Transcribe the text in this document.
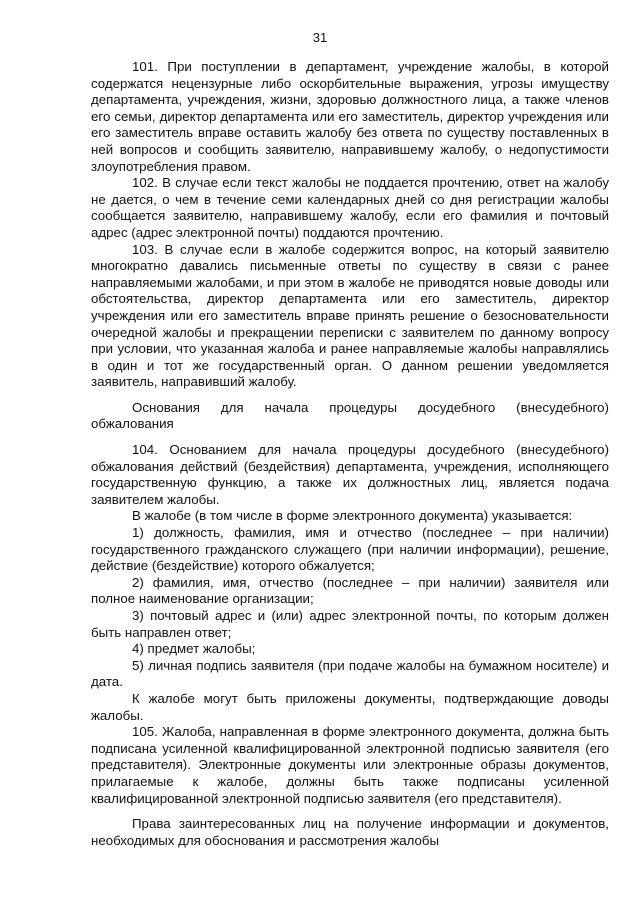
31

101. При поступлении в департамент, учреждение жалобы, в которой содержатся нецензурные либо оскорбительные выражения, угрозы имуществу департамента, учреждения, жизни, здоровью должностного лица, а также членов его семьи, директор департамента или его заместитель, директор учреждения или его заместитель вправе оставить жалобу без ответа по существу поставленных в ней вопросов и сообщить заявителю, направившему жалобу, о недопустимости злоупотребления правом.

102. В случае если текст жалобы не поддается прочтению, ответ на жалобу не дается, о чем в течение семи календарных дней со дня регистрации жалобы сообщается заявителю, направившему жалобу, если его фамилия и почтовый адрес (адрес электронной почты) поддаются прочтению.

103. В случае если в жалобе содержится вопрос, на который заявителю многократно давались письменные ответы по существу в связи с ранее направляемыми жалобами, и при этом в жалобе не приводятся новые доводы или обстоятельства, директор департамента или его заместитель, директор учреждения или его заместитель вправе принять решение о безосновательности очередной жалобы и прекращении переписки с заявителем по данному вопросу при условии, что указанная жалоба и ранее направляемые жалобы направлялись в один и тот же государственный орган. О данном решении уведомляется заявитель, направивший жалобу.

Основания для начала процедуры досудебного (внесудебного) обжалования

104. Основанием для начала процедуры досудебного (внесудебного) обжалования действий (бездействия) департамента, учреждения, исполняющего государственную функцию, а также их должностных лиц, является подача заявителем жалобы.

В жалобе (в том числе в форме электронного документа) указывается:

1) должность, фамилия, имя и отчество (последнее – при наличии) государственного гражданского служащего (при наличии информации), решение, действие (бездействие) которого обжалуется;

2) фамилия, имя, отчество (последнее – при наличии) заявителя или полное наименование организации;

3) почтовый адрес и (или) адрес электронной почты, по которым должен быть направлен ответ;

4) предмет жалобы;

5) личная подпись заявителя (при подаче жалобы на бумажном носителе) и дата.

К жалобе могут быть приложены документы, подтверждающие доводы жалобы.

105. Жалоба, направленная в форме электронного документа, должна быть подписана усиленной квалифицированной электронной подписью заявителя (его представителя). Электронные документы или электронные образы документов, прилагаемые к жалобе, должны быть также подписаны усиленной квалифицированной электронной подписью заявителя (его представителя).

Права заинтересованных лиц на получение информации и документов, необходимых для обоснования и рассмотрения жалобы
